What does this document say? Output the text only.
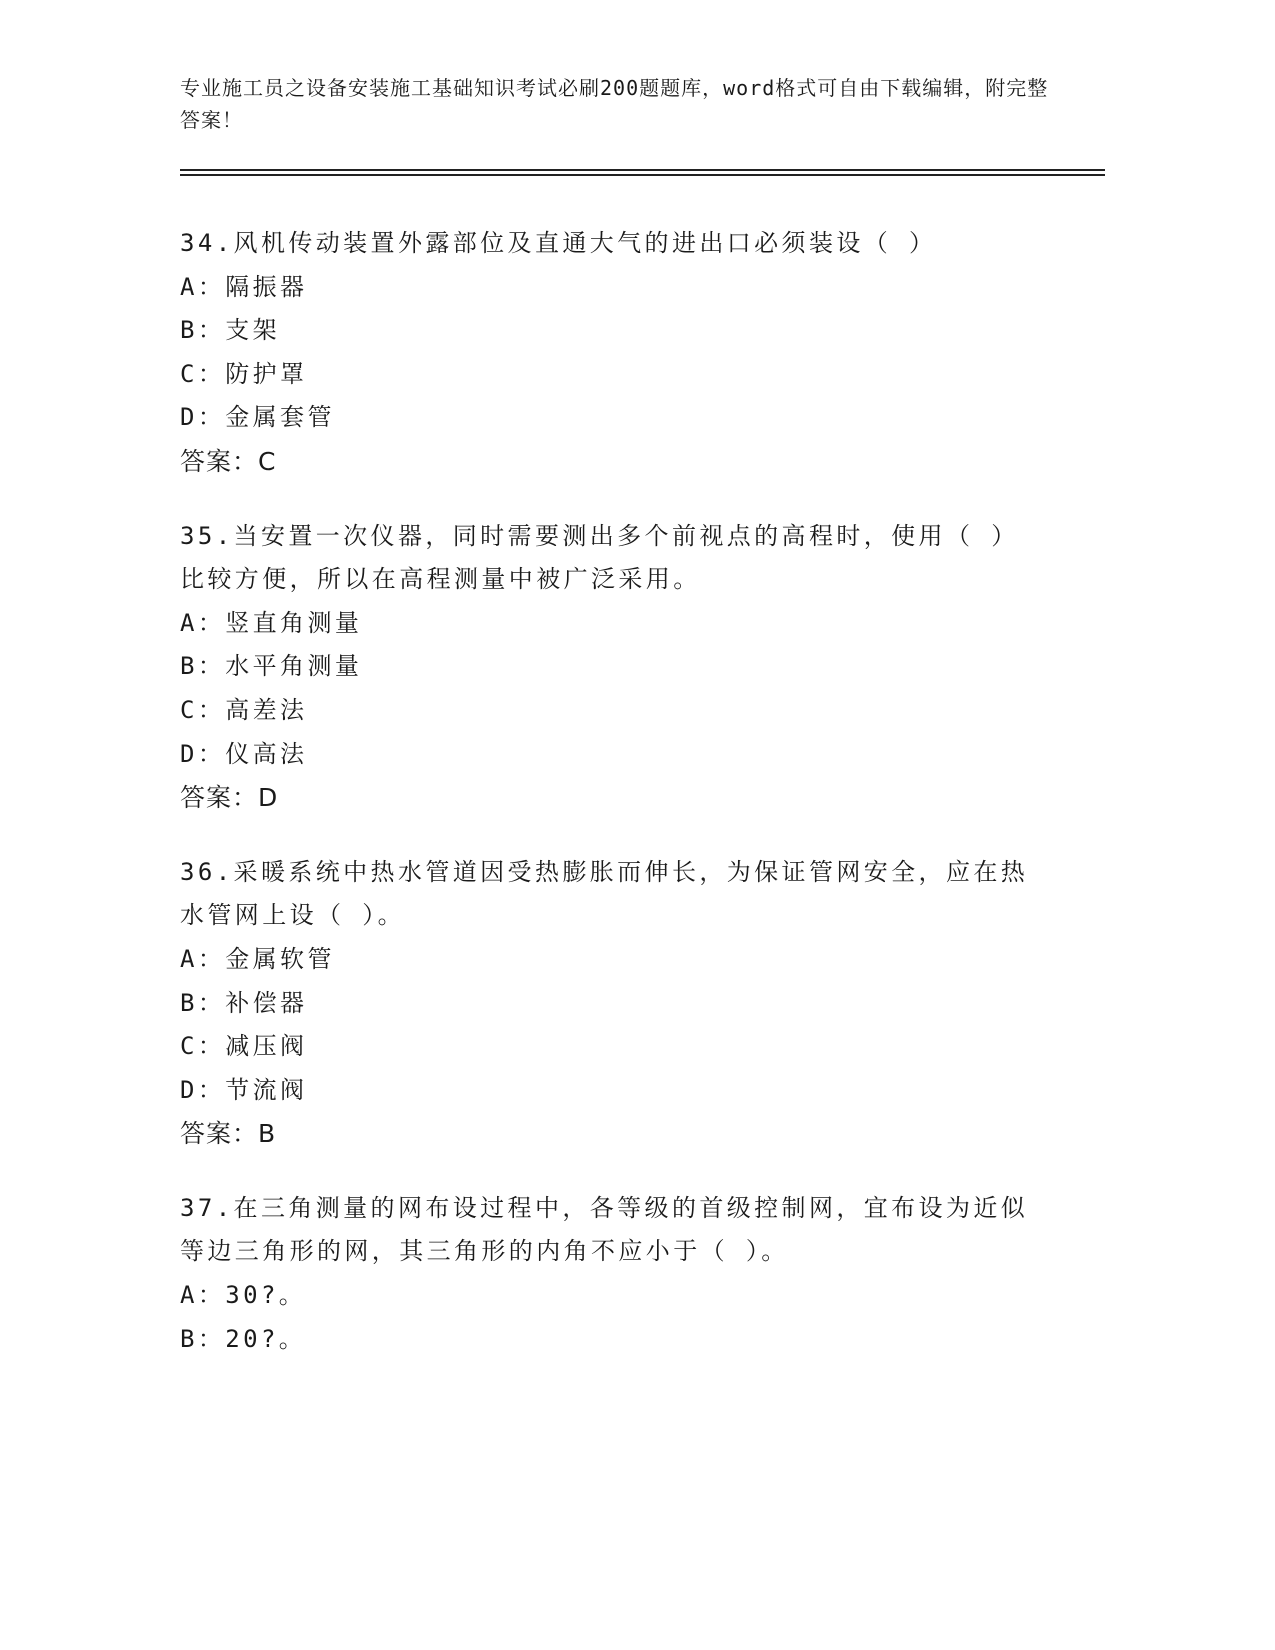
专业施工员之设备安装施工基础知识考试必刷200题题库，word格式可自由下载编辑，附完整答案！

34.风机传动装置外露部位及直通大气的进出口必须装设（ ）

A：隔振器

B：支架

C：防护罩

D：金属套管

答案：C

35.当安置一次仪器，同时需要测出多个前视点的高程时，使用（ ）比较方便，所以在高程测量中被广泛采用。

A：竖直角测量

B：水平角测量

C：高差法

D：仪高法

答案：D

36.采暖系统中热水管道因受热膨胀而伸长，为保证管网安全，应在热水管网上设（ ）。

A：金属软管

B：补偿器

C：减压阀

D：节流阀

答案：B

37.在三角测量的网布设过程中，各等级的首级控制网，宜布设为近似等边三角形的网，其三角形的内角不应小于（ ）。

A：30?。

B：20?。
